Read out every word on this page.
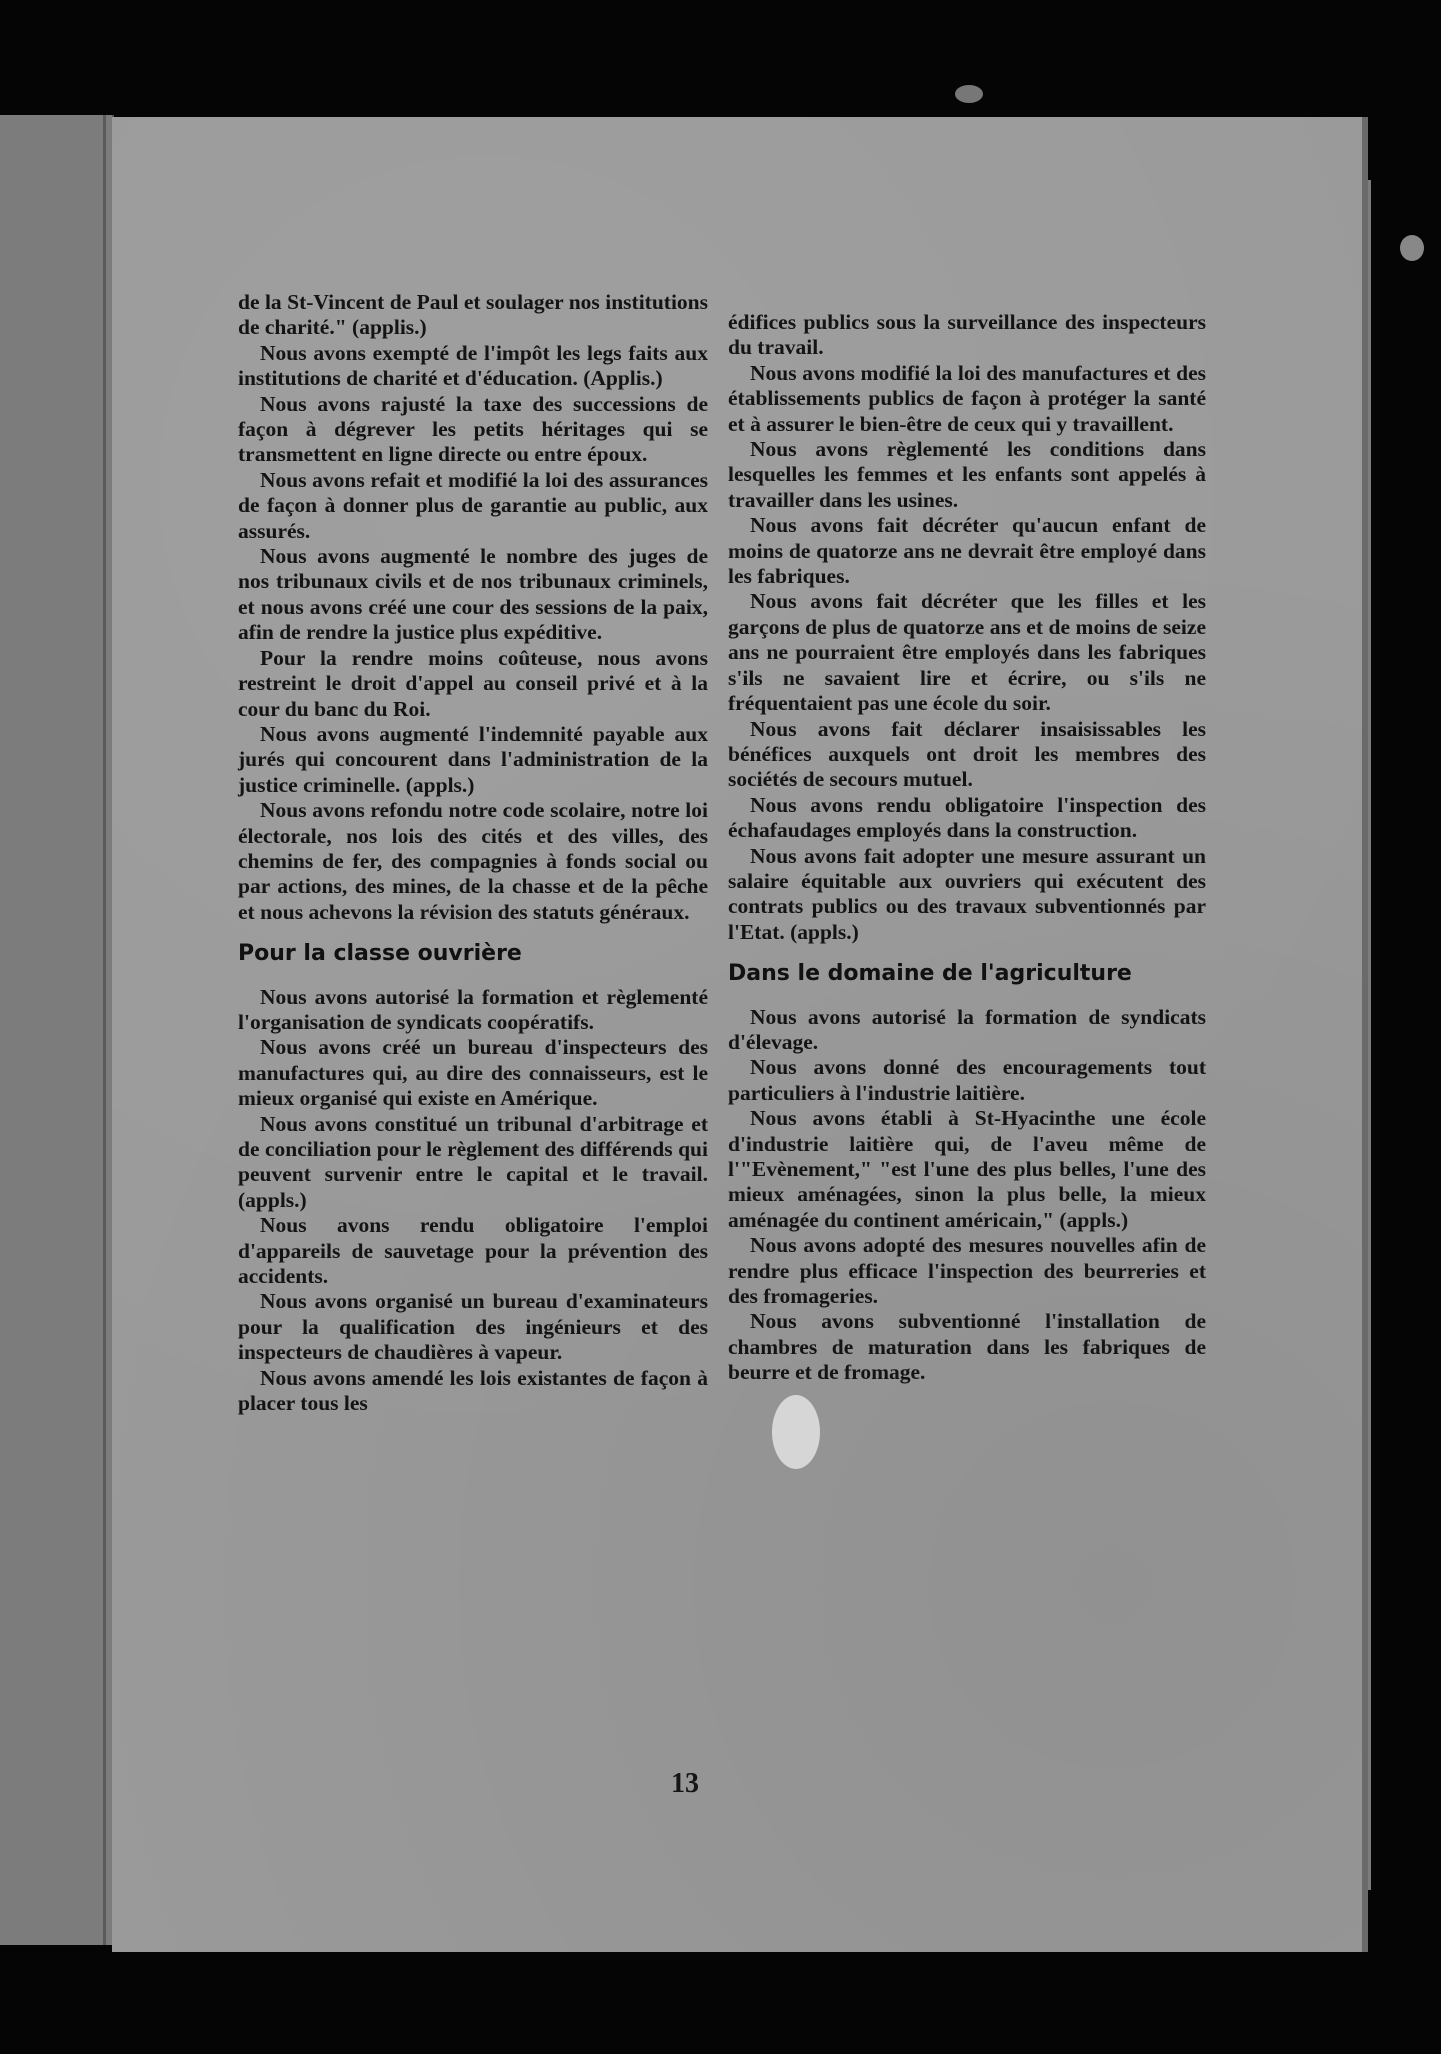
de la St-Vincent de Paul et soulager nos institutions de charité." (applis.)

Nous avons exempté de l'impôt les legs faits aux institutions de charité et d'éducation. (Applis.)

Nous avons rajusté la taxe des successions de façon à dégrever les petits héritages qui se transmettent en ligne directe ou entre époux.

Nous avons refait et modifié la loi des assurances de façon à donner plus de garantie au public, aux assurés.

Nous avons augmenté le nombre des juges de nos tribunaux civils et de nos tribunaux criminels, et nous avons créé une cour des sessions de la paix, afin de rendre la justice plus expéditive.

Pour la rendre moins coûteuse, nous avons restreint le droit d'appel au conseil privé et à la cour du banc du Roi.

Nous avons augmenté l'indemnité payable aux jurés qui concourent dans l'administration de la justice criminelle. (appls.)

Nous avons refondu notre code scolaire, notre loi électorale, nos lois des cités et des villes, des chemins de fer, des compagnies à fonds social ou par actions, des mines, de la chasse et de la pêche et nous achevons la révision des statuts généraux.

Pour la classe ouvrière

Nous avons autorisé la formation et règlementé l'organisation de syndicats coopératifs.

Nous avons créé un bureau d'inspecteurs des manufactures qui, au dire des connaisseurs, est le mieux organisé qui existe en Amérique.

Nous avons constitué un tribunal d'arbitrage et de conciliation pour le règlement des différends qui peuvent survenir entre le capital et le travail. (appls.)

Nous avons rendu obligatoire l'emploi d'appareils de sauvetage pour la prévention des accidents.

Nous avons organisé un bureau d'examinateurs pour la qualification des ingénieurs et des inspecteurs de chaudières à vapeur.

Nous avons amendé les lois existantes de façon à placer tous les

édifices publics sous la surveillance des inspecteurs du travail.

Nous avons modifié la loi des manufactures et des établissements publics de façon à protéger la santé et à assurer le bien-être de ceux qui y travaillent.

Nous avons règlementé les conditions dans lesquelles les femmes et les enfants sont appelés à travailler dans les usines.

Nous avons fait décréter qu'aucun enfant de moins de quatorze ans ne devrait être employé dans les fabriques.

Nous avons fait décréter que les filles et les garçons de plus de quatorze ans et de moins de seize ans ne pourraient être employés dans les fabriques s'ils ne savaient lire et écrire, ou s'ils ne fréquentaient pas une école du soir.

Nous avons fait déclarer insaisissables les bénéfices auxquels ont droit les membres des sociétés de secours mutuel.

Nous avons rendu obligatoire l'inspection des échafaudages employés dans la construction.

Nous avons fait adopter une mesure assurant un salaire équitable aux ouvriers qui exécutent des contrats publics ou des travaux subventionnés par l'Etat. (appls.)

Dans le domaine de l'agriculture

Nous avons autorisé la formation de syndicats d'élevage.

Nous avons donné des encouragements tout particuliers à l'industrie laitière.

Nous avons établi à St-Hyacinthe une école d'industrie laitière qui, de l'aveu même de l'"Evènement," "est l'une des plus belles, l'une des mieux aménagées, sinon la plus belle, la mieux aménagée du continent américain," (appls.)

Nous avons adopté des mesures nouvelles afin de rendre plus efficace l'inspection des beurreries et des fromageries.

Nous avons subventionné l'installation de chambres de maturation dans les fabriques de beurre et de fromage.

13
